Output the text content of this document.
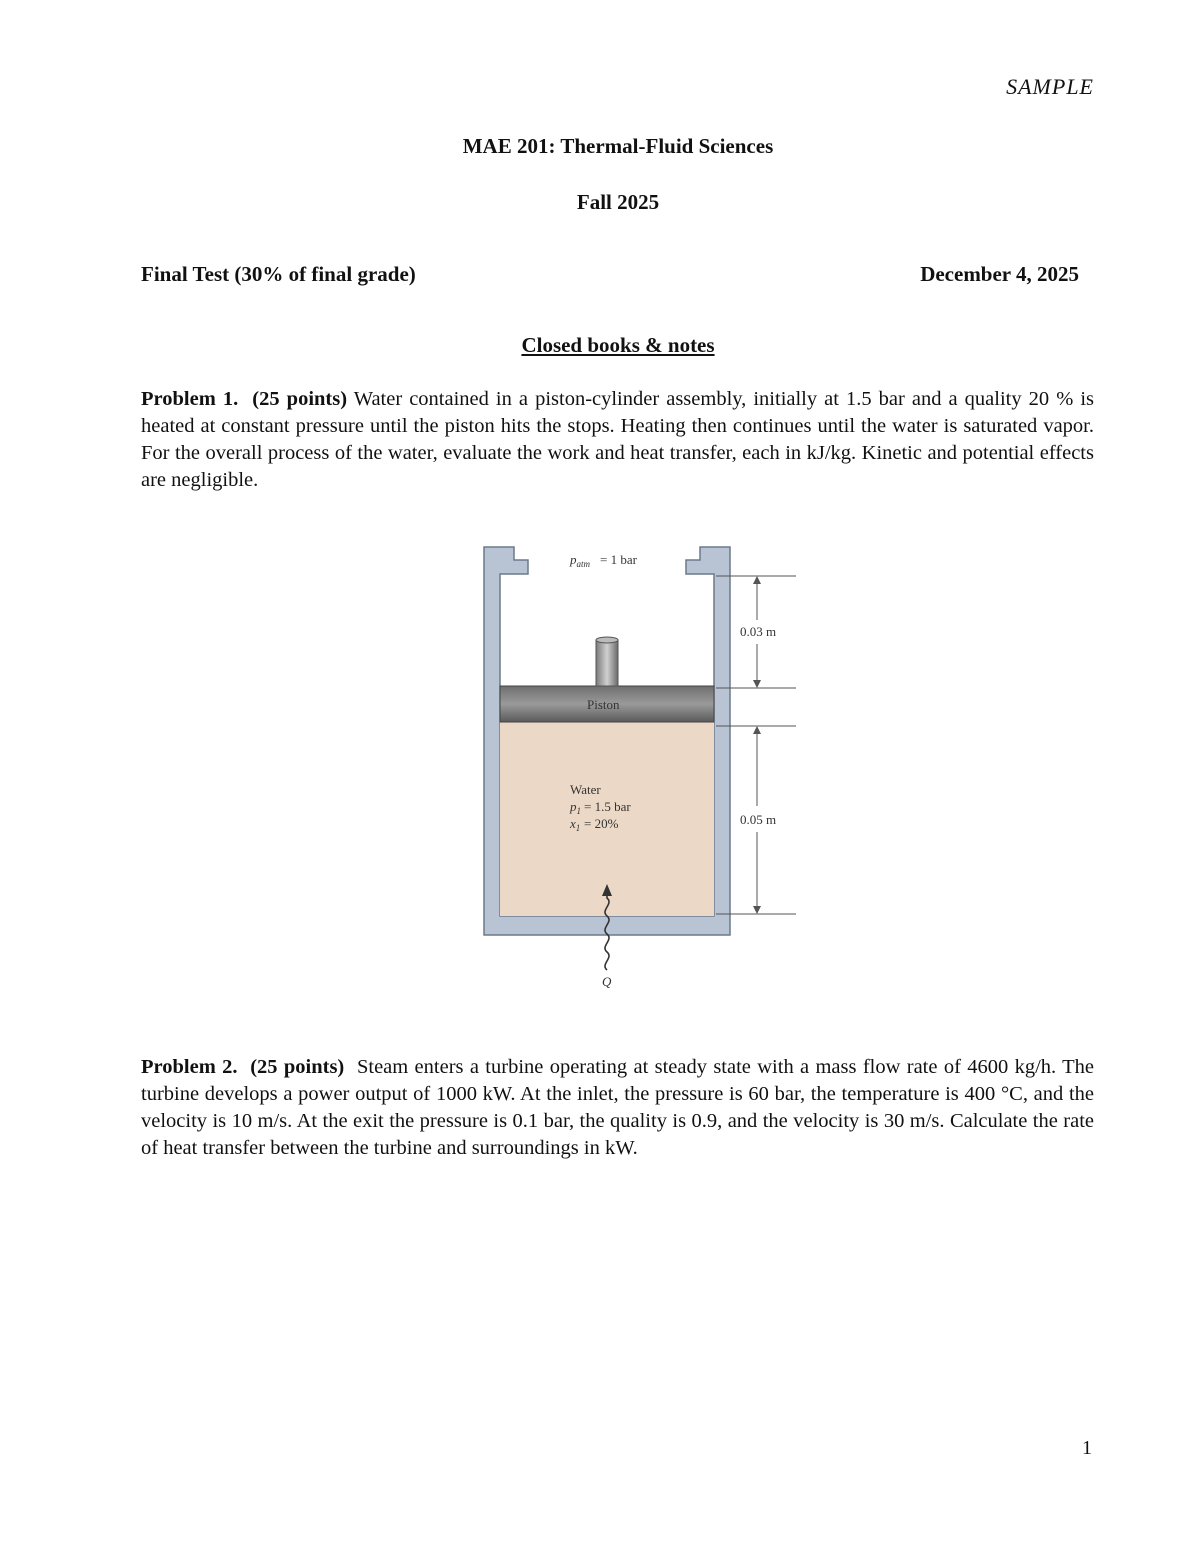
SAMPLE
MAE 201: Thermal-Fluid Sciences
Fall 2025
Final Test (30% of final grade)	December 4, 2025
Closed books & notes
Problem 1. (25 points) Water contained in a piston-cylinder assembly, initially at 1.5 bar and a quality 20 % is heated at constant pressure until the piston hits the stops. Heating then continues until the water is saturated vapor. For the overall process of the water, evaluate the work and heat transfer, each in kJ/kg. Kinetic and potential effects are negligible.
$p_{atm} = 1$ bar
Piston
Water
$p_1 = 1.5$ bar
$x_1 = 20\%$
0.03 m
0.05 m
Q
Problem 2. (25 points) Steam enters a turbine operating at steady state with a mass flow rate of 4600 kg/h. The turbine develops a power output of 1000 kW. At the inlet, the pressure is 60 bar, the temperature is 400 °C, and the velocity is 10 m/s. At the exit the pressure is 0.1 bar, the quality is 0.9, and the velocity is 30 m/s. Calculate the rate of heat transfer between the turbine and surroundings in kW.
1
